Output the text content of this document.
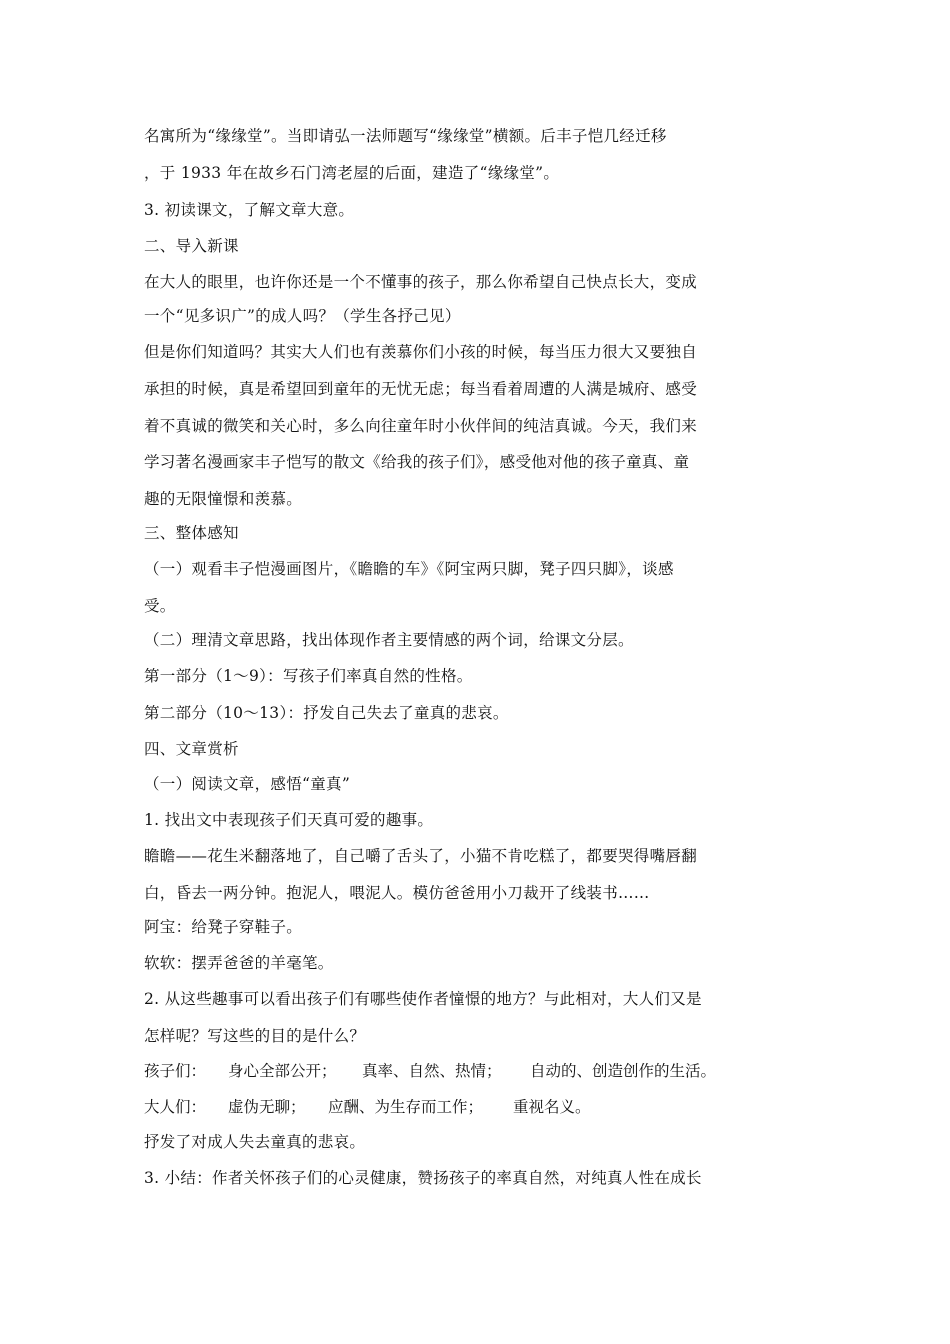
名寓所为“缘缘堂”。当即请弘一法师题写“缘缘堂”横额。后丰子恺几经迁移
，于 1933 年在故乡石门湾老屋的后面，建造了“缘缘堂”。
3. 初读课文，了解文章大意。
二、导入新课
在大人的眼里，也许你还是一个不懂事的孩子，那么你希望自己快点长大，变成
一个“见多识广”的成人吗？（学生各抒己见）
但是你们知道吗？其实大人们也有羡慕你们小孩的时候，每当压力很大又要独自
承担的时候，真是希望回到童年的无忧无虑；每当看着周遭的人满是城府、感受
着不真诚的微笑和关心时，多么向往童年时小伙伴间的纯洁真诚。今天，我们来
学习著名漫画家丰子恺写的散文《给我的孩子们》，感受他对他的孩子童真、童
趣的无限憧憬和羡慕。
三、整体感知
（一）观看丰子恺漫画图片，《瞻瞻的车》《阿宝两只脚，凳子四只脚》，谈感
受。
（二）理清文章思路，找出体现作者主要情感的两个词，给课文分层。
第一部分（1～9）：写孩子们率真自然的性格。
第二部分（10～13）：抒发自己失去了童真的悲哀。
四、文章赏析
（一）阅读文章，感悟“童真”
1. 找出文中表现孩子们天真可爱的趣事。
瞻瞻——花生米翻落地了，自己嚼了舌头了，小猫不肯吃糕了，都要哭得嘴唇翻
白，昏去一两分钟。抱泥人，喂泥人。模仿爸爸用小刀裁开了线装书……
阿宝：给凳子穿鞋子。
软软：摆弄爸爸的羊毫笔。
2. 从这些趣事可以看出孩子们有哪些使作者憧憬的地方？与此相对，大人们又是
怎样呢？写这些的目的是什么？
孩子们： 身心全部公开； 真率、自然、热情； 自动的、创造创作的生活。
大人们： 虚伪无聊； 应酬、为生存而工作； 重视名义。
抒发了对成人失去童真的悲哀。
3. 小结：作者关怀孩子们的心灵健康，赞扬孩子的率真自然，对纯真人性在成长
